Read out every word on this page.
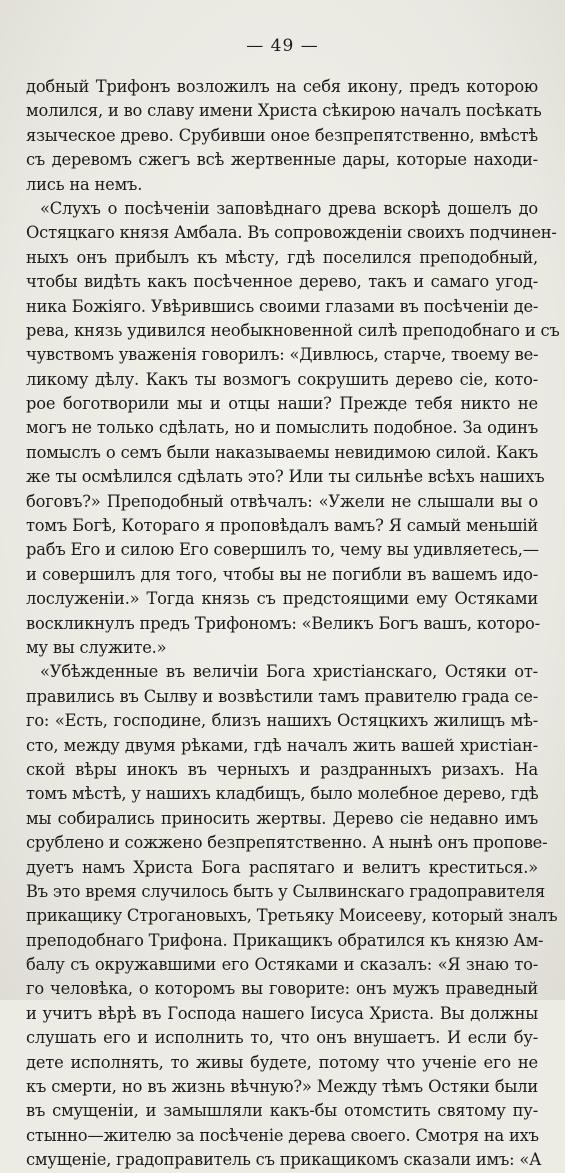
— 49 —
добный Трифонъ возложилъ на себя икону, предъ которою
молился, и во славу имени Христа сѣкирою началъ посѣкать
языческое древо. Срубивши оное безпрепятственно, вмѣстѣ
съ деревомъ сжегъ всѣ жертвенные дары, которые находи-
лись на немъ.
«Слухъ о посѣченіи заповѣднаго древа вскорѣ дошелъ до
Остяцкаго князя Амбала. Въ сопровожденіи своихъ подчинен-
ныхъ онъ прибылъ къ мѣсту, гдѣ поселился преподобный,
чтобы видѣть какъ посѣченное дерево, такъ и самаго угод-
ника Божіяго. Увѣрившись своими глазами въ посѣченіи де-
рева, князь удивился необыкновенной силѣ преподобнаго и съ
чувствомъ уваженія говорилъ: «Дивлюсь, старче, твоему ве-
ликому дѣлу. Какъ ты возмогъ сокрушить дерево сіе, кото-
рое боготворили мы и отцы наши? Прежде тебя никто не
могъ не только сдѣлать, но и помыслить подобное. За одинъ
помыслъ о семъ были наказываемы невидимою силой. Какъ
же ты осмѣлился сдѣлать это? Или ты сильнѣе всѣхъ нашихъ
боговъ?» Преподобный отвѣчалъ: «Ужели не слышали вы о
томъ Богѣ, Котораго я проповѣдалъ вамъ? Я самый меньшій
рабъ Его и силою Его совершилъ то, чему вы удивляетесь,—
и совершилъ для того, чтобы вы не погибли въ вашемъ идо-
лослуженіи.» Тогда князь съ предстоящими ему Остяками
воскликнулъ предъ Трифономъ: «Великъ Богъ вашъ, которо-
му вы служите.»
«Убѣжденные въ величіи Бога христіанскаго, Остяки от-
правились въ Сылву и возвѣстили тамъ правителю града се-
го: «Есть, господине, близъ нашихъ Остяцкихъ жилищъ мѣ-
сто, между двумя рѣками, гдѣ началъ жить вашей христіан-
ской вѣры инокъ въ черныхъ и раздранныхъ ризахъ. На
томъ мѣстѣ, у нашихъ кладбищъ, было молебное дерево, гдѣ
мы собирались приносить жертвы. Дерево сіе недавно имъ
срублено и сожжено безпрепятственно. А нынѣ онъ пропове-
дуетъ намъ Христа Бога распятаго и велитъ креститься.»
Въ это время случилось быть у Сылвинскаго градоправителя
прикащику Строгановыхъ, Третьяку Моисееву, который зналъ
преподобнаго Трифона. Прикащикъ обратился къ князю Ам-
балу съ окружавшими его Остяками и сказалъ: «Я знаю то-
го человѣка, о которомъ вы говорите: онъ мужъ праведный
и учитъ вѣрѣ въ Господа нашего Іисуса Христа. Вы должны
слушать его и исполнить то, что онъ внушаетъ. И если бу-
дете исполнять, то живы будете, потому что ученіе его не
къ смерти, но въ жизнь вѣчную?» Между тѣмъ Остяки были
въ смущеніи, и замышляли какъ-бы отомстить святому пу-
стынно—жителю за посѣченіе дерева своего. Смотря на ихъ
смущеніе, градоправитель съ прикащикомъ сказали имъ: «А
